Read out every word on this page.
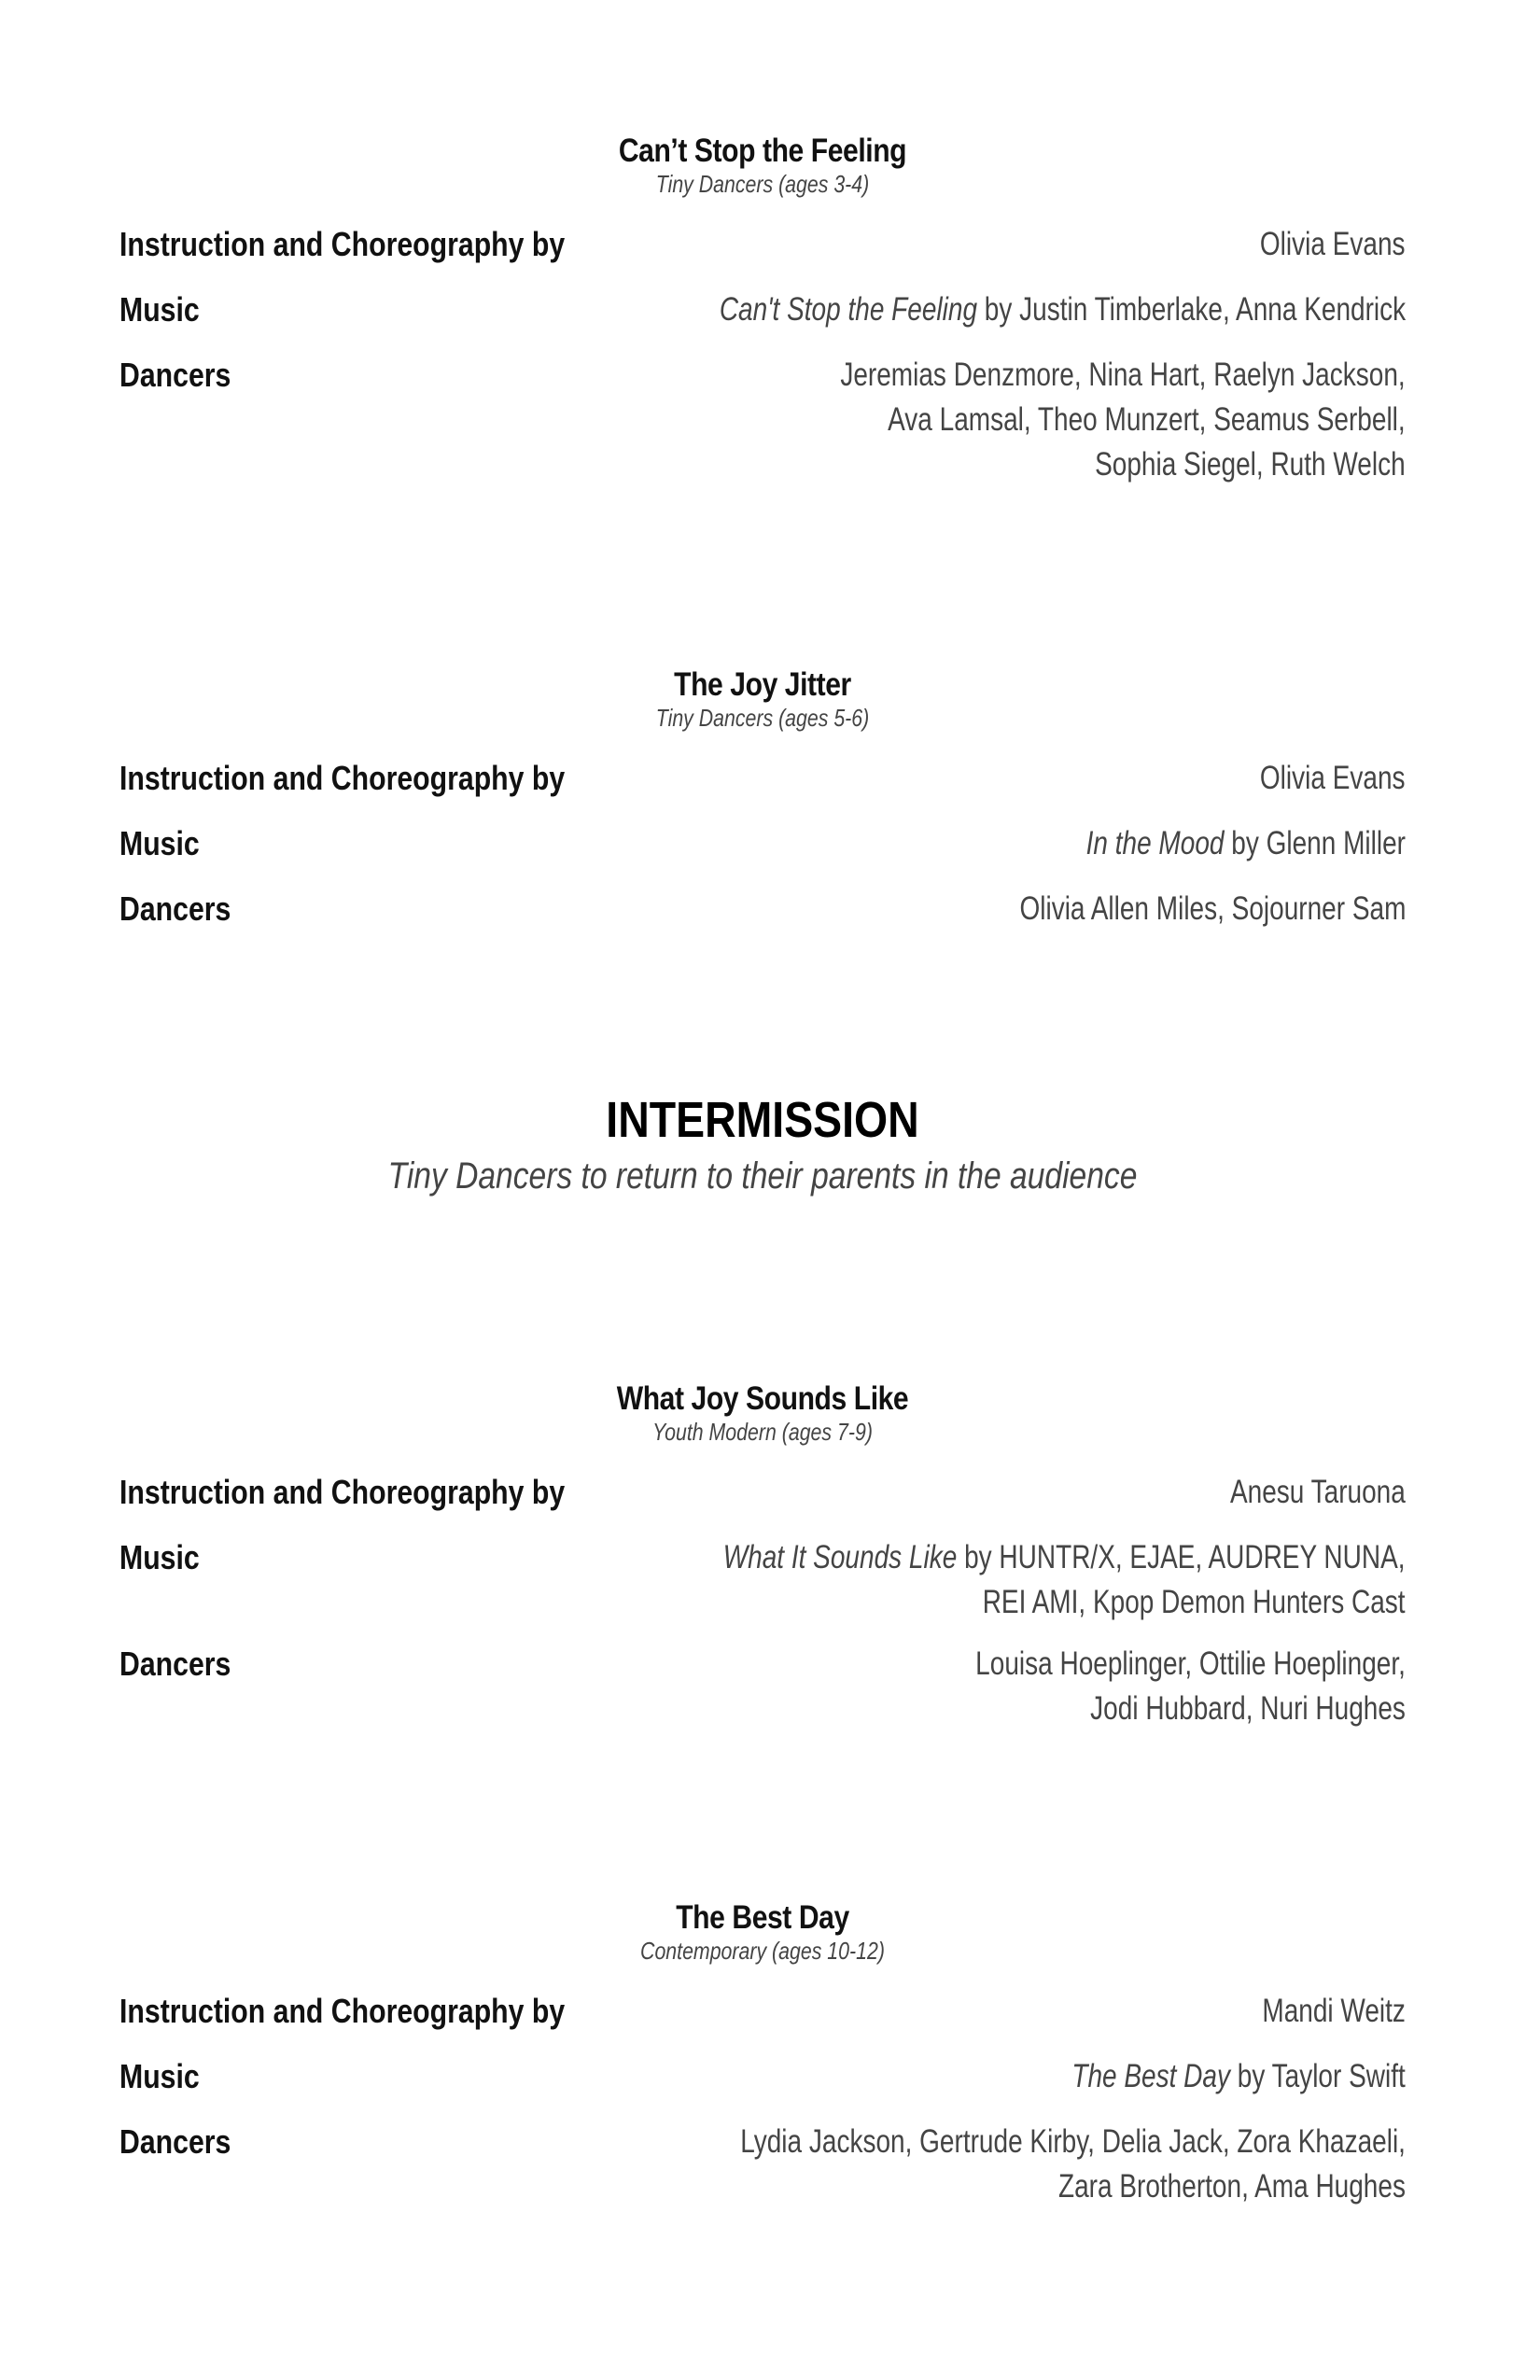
Can’t Stop the Feeling
Tiny Dancers (ages 3-4)
Instruction and Choreography by	Olivia Evans
Music	Can't Stop the Feeling by Justin Timberlake, Anna Kendrick
Dancers	Jeremias Denzmore, Nina Hart, Raelyn Jackson,
Ava Lamsal, Theo Munzert, Seamus Serbell,
Sophia Siegel, Ruth Welch
The Joy Jitter
Tiny Dancers (ages 5-6)
Instruction and Choreography by	Olivia Evans
Music	In the Mood by Glenn Miller
Dancers	Olivia Allen Miles, Sojourner Sam
INTERMISSION
Tiny Dancers to return to their parents in the audience
What Joy Sounds Like
Youth Modern (ages 7-9)
Instruction and Choreography by	Anesu Taruona
Music	What It Sounds Like by HUNTR/X, EJAE, AUDREY NUNA,
REI AMI, Kpop Demon Hunters Cast
Dancers	Louisa Hoeplinger, Ottilie Hoeplinger,
Jodi Hubbard, Nuri Hughes
The Best Day
Contemporary (ages 10-12)
Instruction and Choreography by	Mandi Weitz
Music	The Best Day by Taylor Swift
Dancers	Lydia Jackson, Gertrude Kirby, Delia Jack, Zora Khazaeli,
Zara Brotherton, Ama Hughes
